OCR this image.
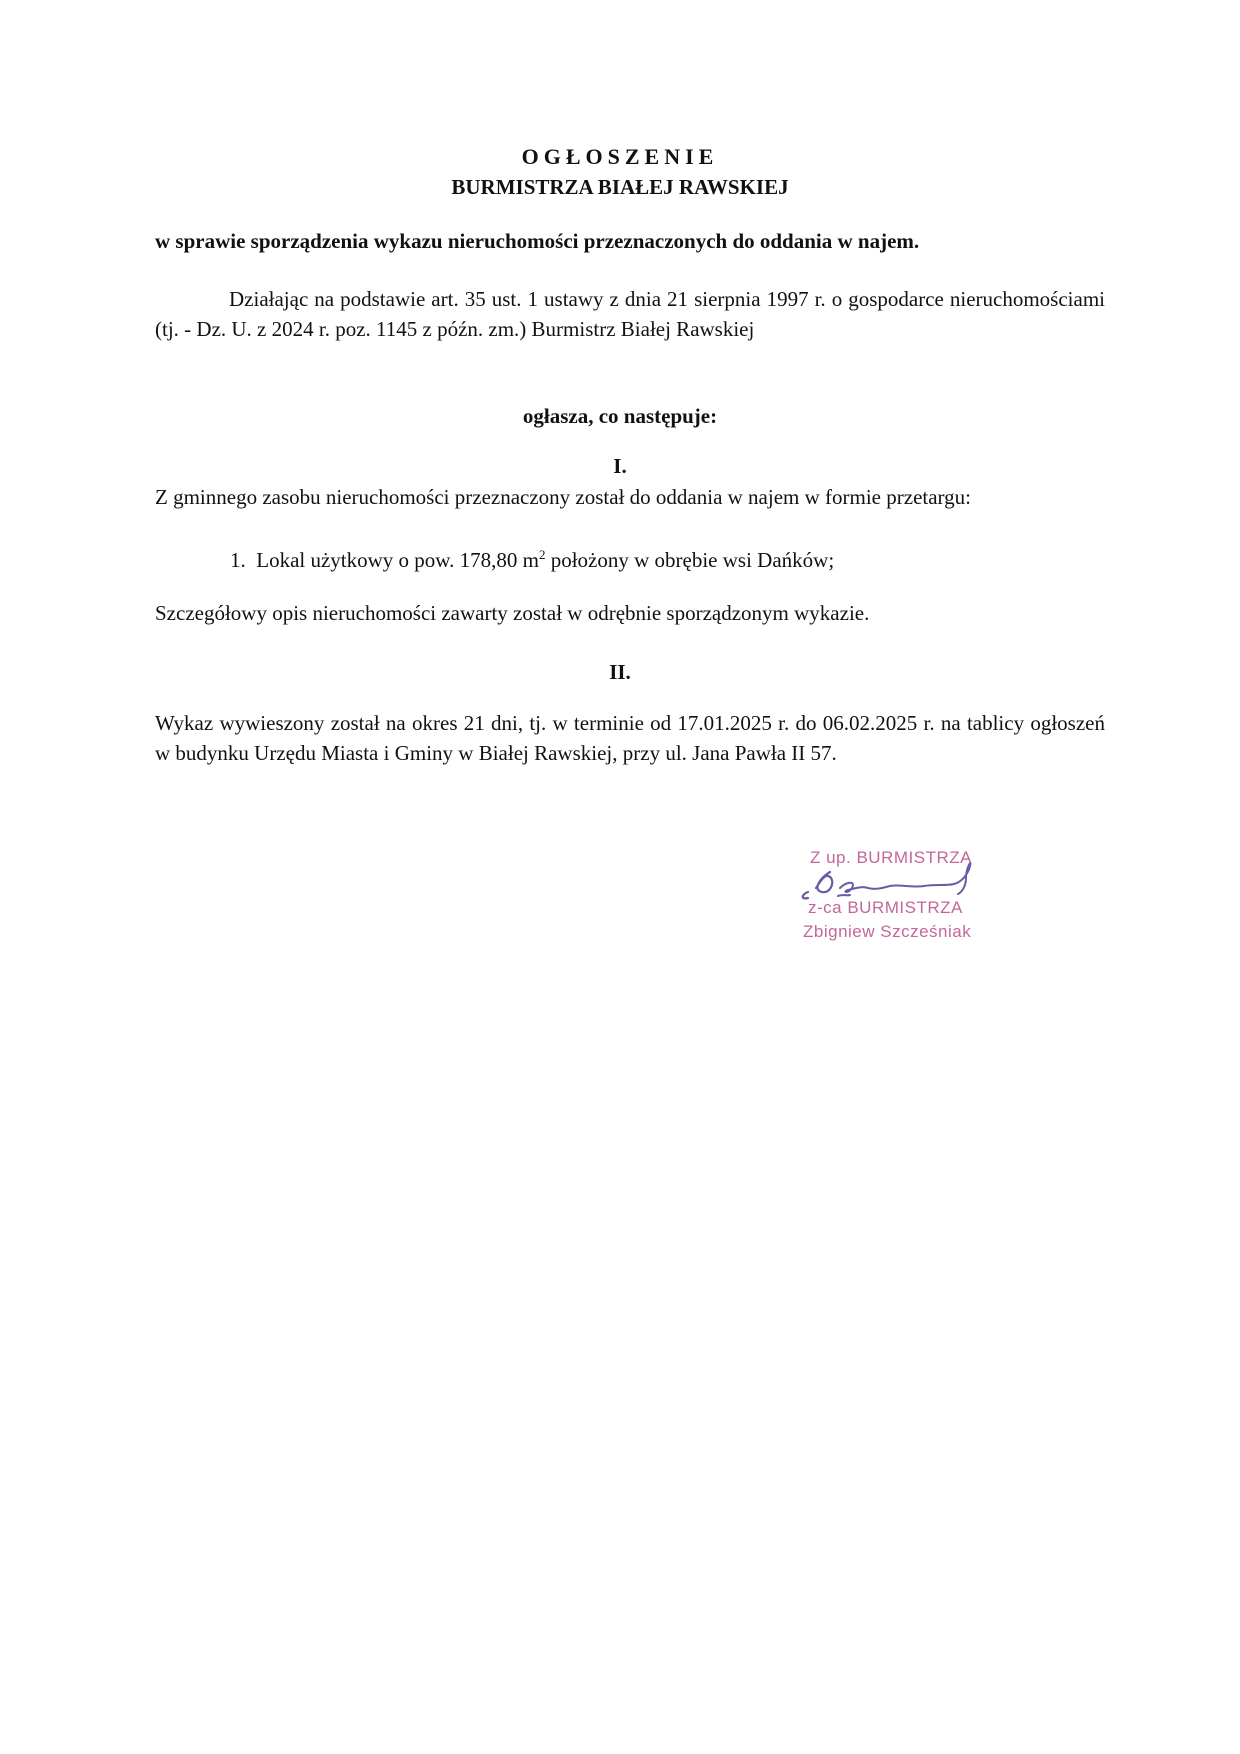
OGŁOSZENIE
BURMISTRZA BIAŁEJ RAWSKIEJ
w sprawie sporządzenia wykazu nieruchomości przeznaczonych do oddania w najem.
Działając na podstawie art. 35 ust. 1 ustawy z dnia 21 sierpnia 1997 r. o gospodarce nieruchomościami (tj. - Dz. U. z 2024 r. poz. 1145 z późn. zm.) Burmistrz Białej Rawskiej
ogłasza, co następuje:
I.
Z gminnego zasobu nieruchomości przeznaczony został do oddania w najem w formie przetargu:
1. Lokal użytkowy o pow. 178,80 $m^2$ położony w obrębie wsi Dańków;
Szczegółowy opis nieruchomości zawarty został w odrębnie sporządzonym wykazie.
II.
Wykaz wywieszony został na okres 21 dni, tj. w terminie od 17.01.2025 r. do 06.02.2025 r. na tablicy ogłoszeń w budynku Urzędu Miasta i Gminy w Białej Rawskiej, przy ul. Jana Pawła II 57.
Z up. BURMISTRZA
z-ca BURMISTRZA
Zbigniew Szcześniak
